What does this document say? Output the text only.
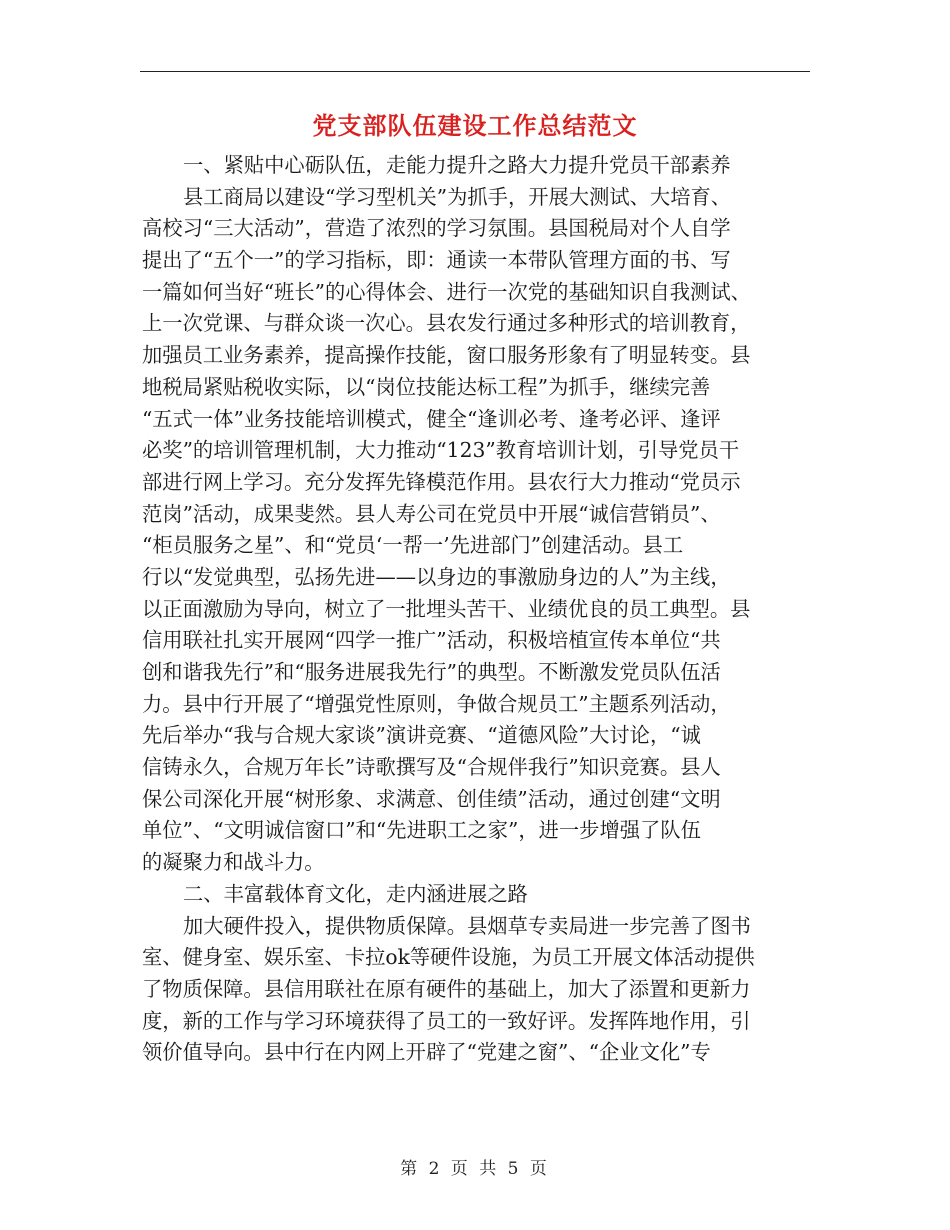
党支部队伍建设工作总结范文
一、紧贴中心砺队伍，走能力提升之路大力提升党员干部素养
县工商局以建设“学习型机关”为抓手，开展大测试、大培育、
高校习“三大活动”，营造了浓烈的学习氛围。县国税局对个人自学
提出了“五个一”的学习指标，即：通读一本带队管理方面的书、写
一篇如何当好“班长”的心得体会、进行一次党的基础知识自我测试、
上一次党课、与群众谈一次心。县农发行通过多种形式的培训教育，
加强员工业务素养，提高操作技能，窗口服务形象有了明显转变。县
地税局紧贴税收实际，以“岗位技能达标工程”为抓手，继续完善
“五式一体”业务技能培训模式，健全“逢训必考、逢考必评、逢评
必奖”的培训管理机制，大力推动“123”教育培训计划，引导党员干
部进行网上学习。充分发挥先锋模范作用。县农行大力推动“党员示
范岗”活动，成果斐然。县人寿公司在党员中开展“诚信营销员”、
“柜员服务之星”、和“党员‘一帮一’先进部门”创建活动。县工
行以“发觉典型，弘扬先进——以身边的事激励身边的人”为主线，
以正面激励为导向，树立了一批埋头苦干、业绩优良的员工典型。县
信用联社扎实开展网“四学一推广”活动，积极培植宣传本单位“共
创和谐我先行”和“服务进展我先行”的典型。不断激发党员队伍活
力。县中行开展了“增强党性原则，争做合规员工”主题系列活动，
先后举办“我与合规大家谈”演讲竞赛、“道德风险”大讨论，“诚
信铸永久，合规万年长”诗歌撰写及“合规伴我行”知识竞赛。县人
保公司深化开展“树形象、求满意、创佳绩”活动，通过创建“文明
单位”、“文明诚信窗口”和“先进职工之家”，进一步增强了队伍
的凝聚力和战斗力。
二、丰富载体育文化，走内涵进展之路
加大硬件投入，提供物质保障。县烟草专卖局进一步完善了图书
室、健身室、娱乐室、卡拉ok等硬件设施，为员工开展文体活动提供
了物质保障。县信用联社在原有硬件的基础上，加大了添置和更新力
度，新的工作与学习环境获得了员工的一致好评。发挥阵地作用，引
领价值导向。县中行在内网上开辟了“党建之窗”、“企业文化”专
第 2 页 共 5 页
